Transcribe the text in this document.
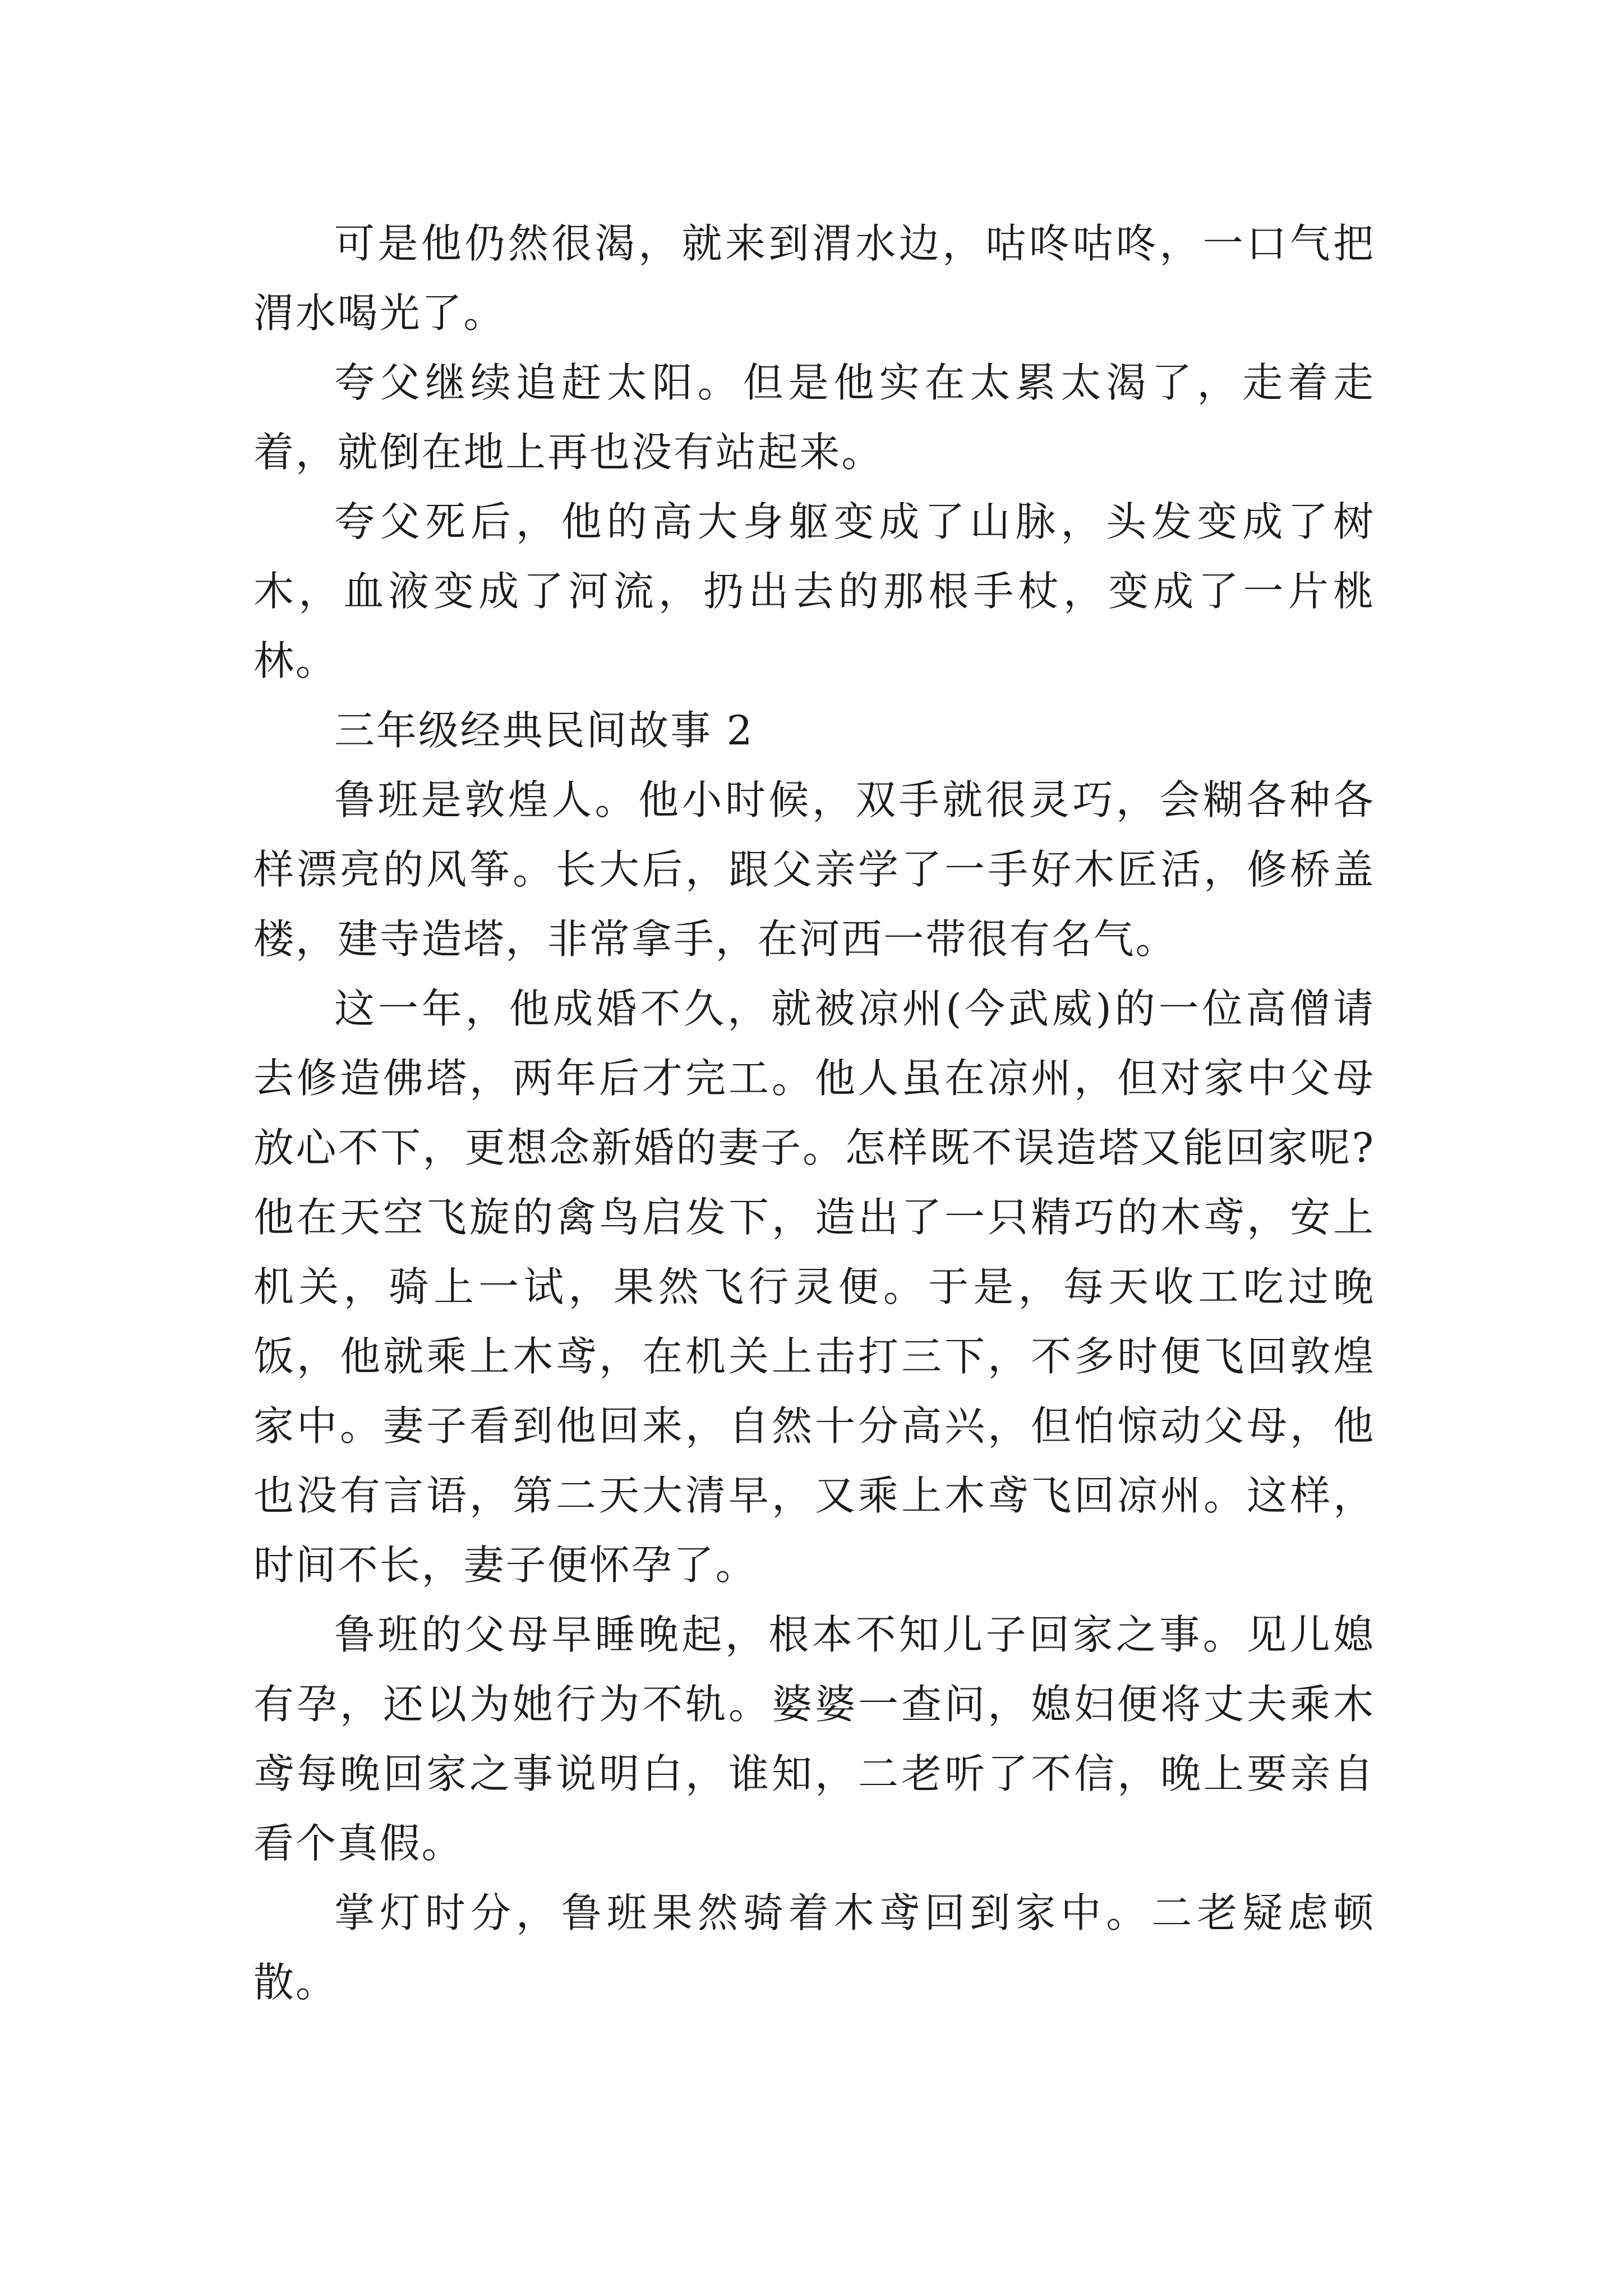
可是他仍然很渴，就来到渭水边，咕咚咕咚，一口气把渭水喝光了。

夸父继续追赶太阳。但是他实在太累太渴了，走着走着，就倒在地上再也没有站起来。

夸父死后，他的高大身躯变成了山脉，头发变成了树木，血液变成了河流，扔出去的那根手杖，变成了一片桃林。

三年级经典民间故事 2

鲁班是敦煌人。他小时候，双手就很灵巧，会糊各种各样漂亮的风筝。长大后，跟父亲学了一手好木匠活，修桥盖楼，建寺造塔，非常拿手，在河西一带很有名气。

这一年，他成婚不久，就被凉州(今武威)的一位高僧请去修造佛塔，两年后才完工。他人虽在凉州，但对家中父母放心不下，更想念新婚的妻子。怎样既不误造塔又能回家呢?他在天空飞旋的禽鸟启发下，造出了一只精巧的木鸢，安上机关，骑上一试，果然飞行灵便。于是，每天收工吃过晚饭，他就乘上木鸢，在机关上击打三下，不多时便飞回敦煌家中。妻子看到他回来，自然十分高兴，但怕惊动父母，他也没有言语，第二天大清早，又乘上木鸢飞回凉州。这样，时间不长，妻子便怀孕了。

鲁班的父母早睡晚起，根本不知儿子回家之事。见儿媳有孕，还以为她行为不轨。婆婆一查问，媳妇便将丈夫乘木鸢每晚回家之事说明白，谁知，二老听了不信，晚上要亲自看个真假。

掌灯时分，鲁班果然骑着木鸢回到家中。二老疑虑顿散。
